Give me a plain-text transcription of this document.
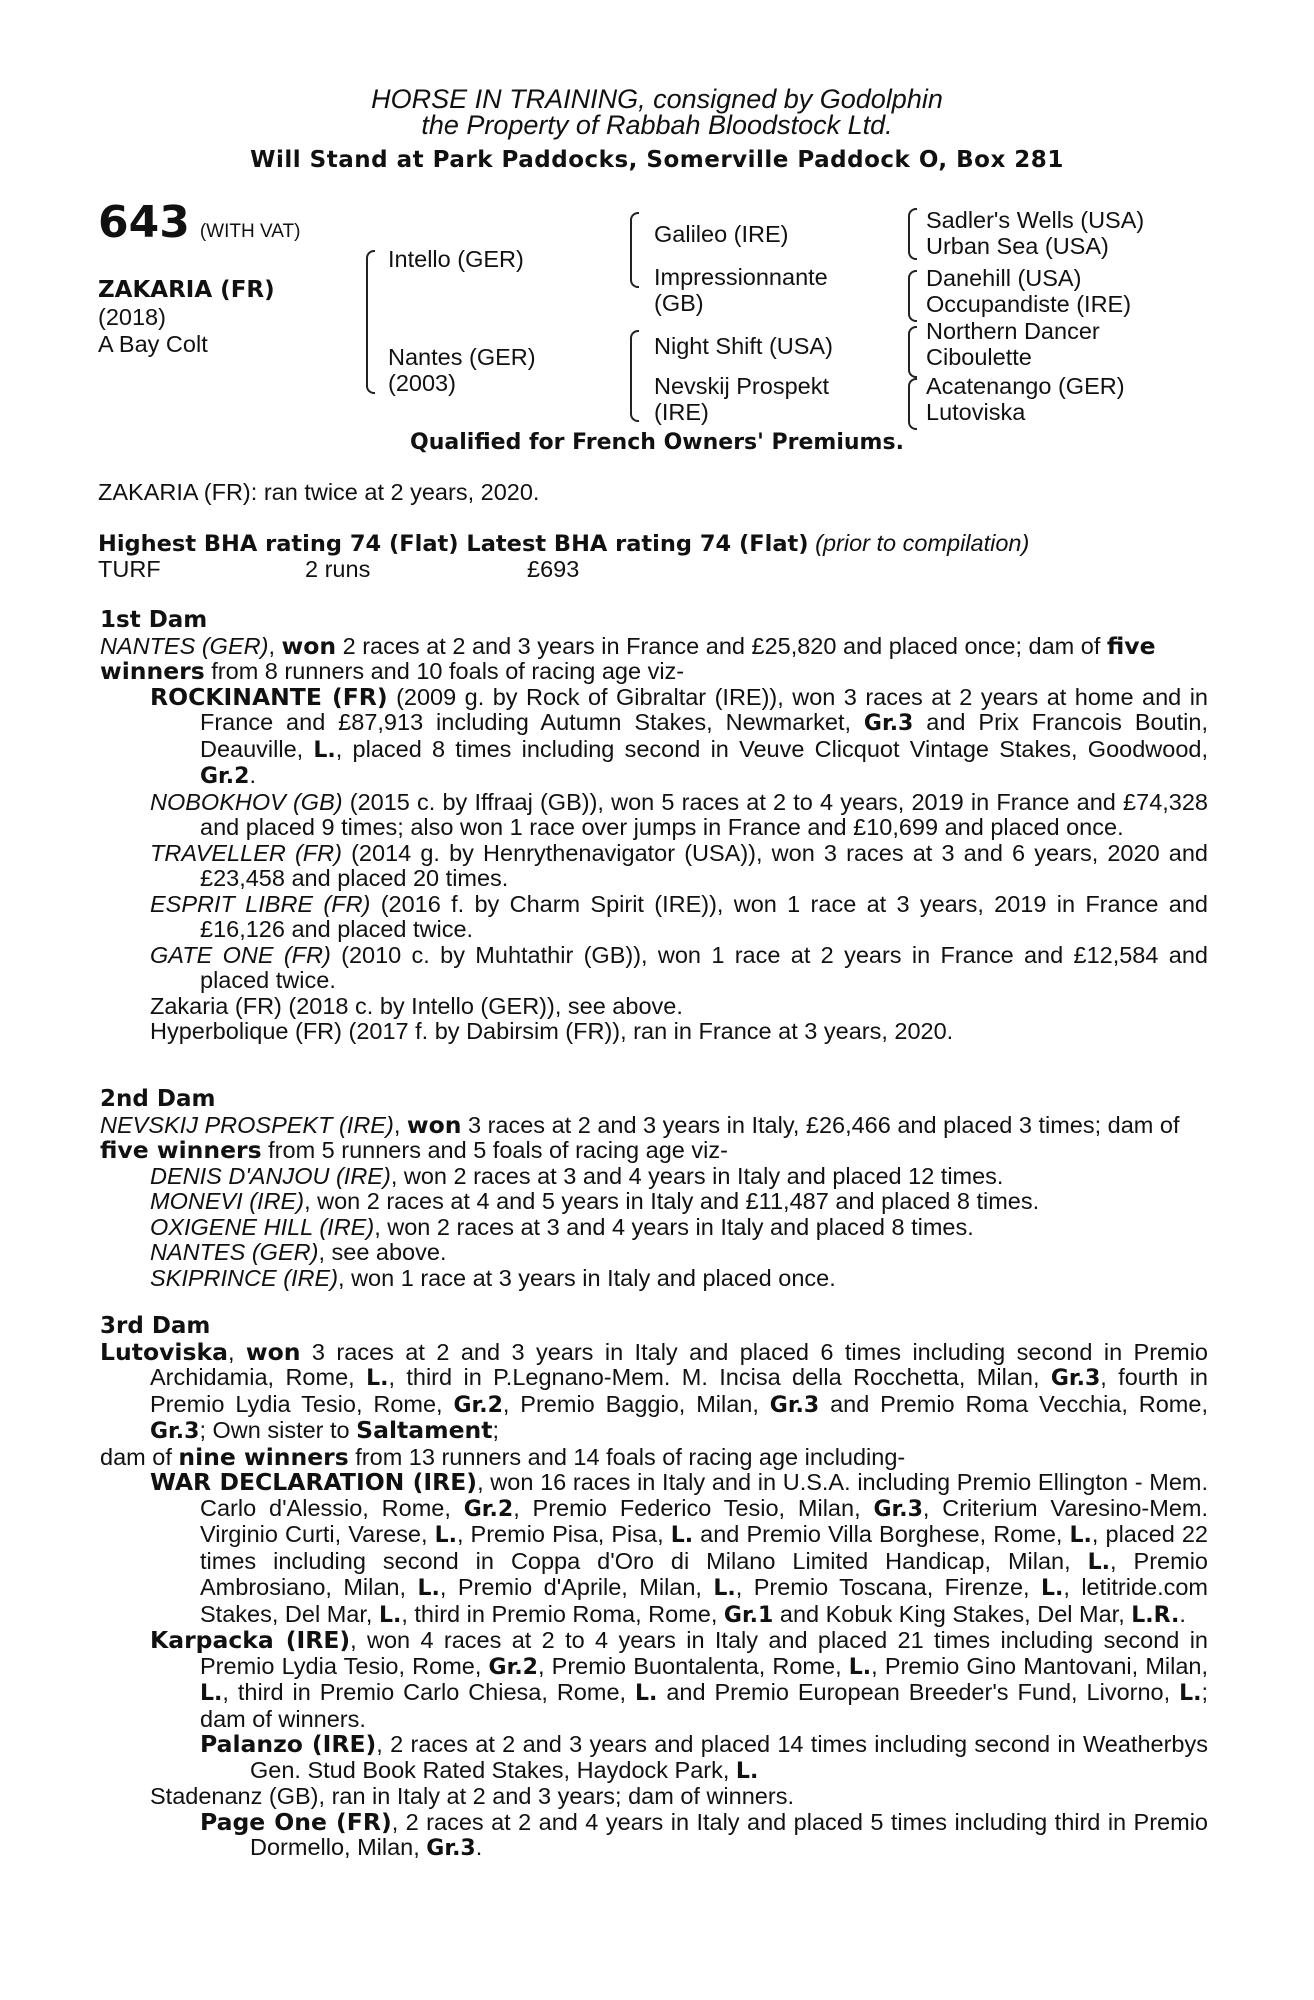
HORSE IN TRAINING, consigned by Godolphin
the Property of Rabbah Bloodstock Ltd.
Will Stand at Park Paddocks, Somerville Paddock O, Box 281
643 (WITH VAT)
ZAKARIA (FR)
(2018)
A Bay Colt
Intello (GER)
Nantes (GER)
(2003)
Galileo (IRE)
Impressionnante
(GB)
Night Shift (USA)
Nevskij Prospekt
(IRE)
Sadler's Wells (USA)
Urban Sea (USA)
Danehill (USA)
Occupandiste (IRE)
Northern Dancer
Ciboulette
Acatenango (GER)
Lutoviska
Qualified for French Owners' Premiums.
ZAKARIA (FR): ran twice at 2 years, 2020.
Highest BHA rating 74 (Flat) Latest BHA rating 74 (Flat) (prior to compilation)
TURF	2 runs	£693
1st Dam

NANTES (GER), won 2 races at 2 and 3 years in France and £25,820 and placed once; dam of five winners from 8 runners and 10 foals of racing age viz-

ROCKINANTE (FR) (2009 g. by Rock of Gibraltar (IRE)), won 3 races at 2 years at home and in France and £87,913 including Autumn Stakes, Newmarket, Gr.3 and Prix Francois Boutin, Deauville, L., placed 8 times including second in Veuve Clicquot Vintage Stakes, Goodwood, Gr.2.

NOBOKHOV (GB) (2015 c. by Iffraaj (GB)), won 5 races at 2 to 4 years, 2019 in France and £74,328 and placed 9 times; also won 1 race over jumps in France and £10,699 and placed once.

TRAVELLER (FR) (2014 g. by Henrythenavigator (USA)), won 3 races at 3 and 6 years, 2020 and £23,458 and placed 20 times.

ESPRIT LIBRE (FR) (2016 f. by Charm Spirit (IRE)), won 1 race at 3 years, 2019 in France and £16,126 and placed twice.

GATE ONE (FR) (2010 c. by Muhtathir (GB)), won 1 race at 2 years in France and £12,584 and placed twice.

Zakaria (FR) (2018 c. by Intello (GER)), see above.

Hyperbolique (FR) (2017 f. by Dabirsim (FR)), ran in France at 3 years, 2020.

2nd Dam

NEVSKIJ PROSPEKT (IRE), won 3 races at 2 and 3 years in Italy, £26,466 and placed 3 times; dam of five winners from 5 runners and 5 foals of racing age viz-

DENIS D'ANJOU (IRE), won 2 races at 3 and 4 years in Italy and placed 12 times.

MONEVI (IRE), won 2 races at 4 and 5 years in Italy and £11,487 and placed 8 times.

OXIGENE HILL (IRE), won 2 races at 3 and 4 years in Italy and placed 8 times.

NANTES (GER), see above.

SKIPRINCE (IRE), won 1 race at 3 years in Italy and placed once.

3rd Dam

Lutoviska, won 3 races at 2 and 3 years in Italy and placed 6 times including second in Premio Archidamia, Rome, L., third in P.Legnano-Mem. M. Incisa della Rocchetta, Milan, Gr.3, fourth in Premio Lydia Tesio, Rome, Gr.2, Premio Baggio, Milan, Gr.3 and Premio Roma Vecchia, Rome, Gr.3; Own sister to Saltament;

dam of nine winners from 13 runners and 14 foals of racing age including-

WAR DECLARATION (IRE), won 16 races in Italy and in U.S.A. including Premio Ellington - Mem. Carlo d'Alessio, Rome, Gr.2, Premio Federico Tesio, Milan, Gr.3, Criterium Varesino-Mem. Virginio Curti, Varese, L., Premio Pisa, Pisa, L. and Premio Villa Borghese, Rome, L., placed 22 times including second in Coppa d'Oro di Milano Limited Handicap, Milan, L., Premio Ambrosiano, Milan, L., Premio d'Aprile, Milan, L., Premio Toscana, Firenze, L., letitride.com Stakes, Del Mar, L., third in Premio Roma, Rome, Gr.1 and Kobuk King Stakes, Del Mar, L.R..

Karpacka (IRE), won 4 races at 2 to 4 years in Italy and placed 21 times including second in Premio Lydia Tesio, Rome, Gr.2, Premio Buontalenta, Rome, L., Premio Gino Mantovani, Milan, L., third in Premio Carlo Chiesa, Rome, L. and Premio European Breeder's Fund, Livorno, L.; dam of winners.

Palanzo (IRE), 2 races at 2 and 3 years and placed 14 times including second in Weatherbys Gen. Stud Book Rated Stakes, Haydock Park, L.

Stadenanz (GB), ran in Italy at 2 and 3 years; dam of winners.

Page One (FR), 2 races at 2 and 4 years in Italy and placed 5 times including third in Premio Dormello, Milan, Gr.3.
